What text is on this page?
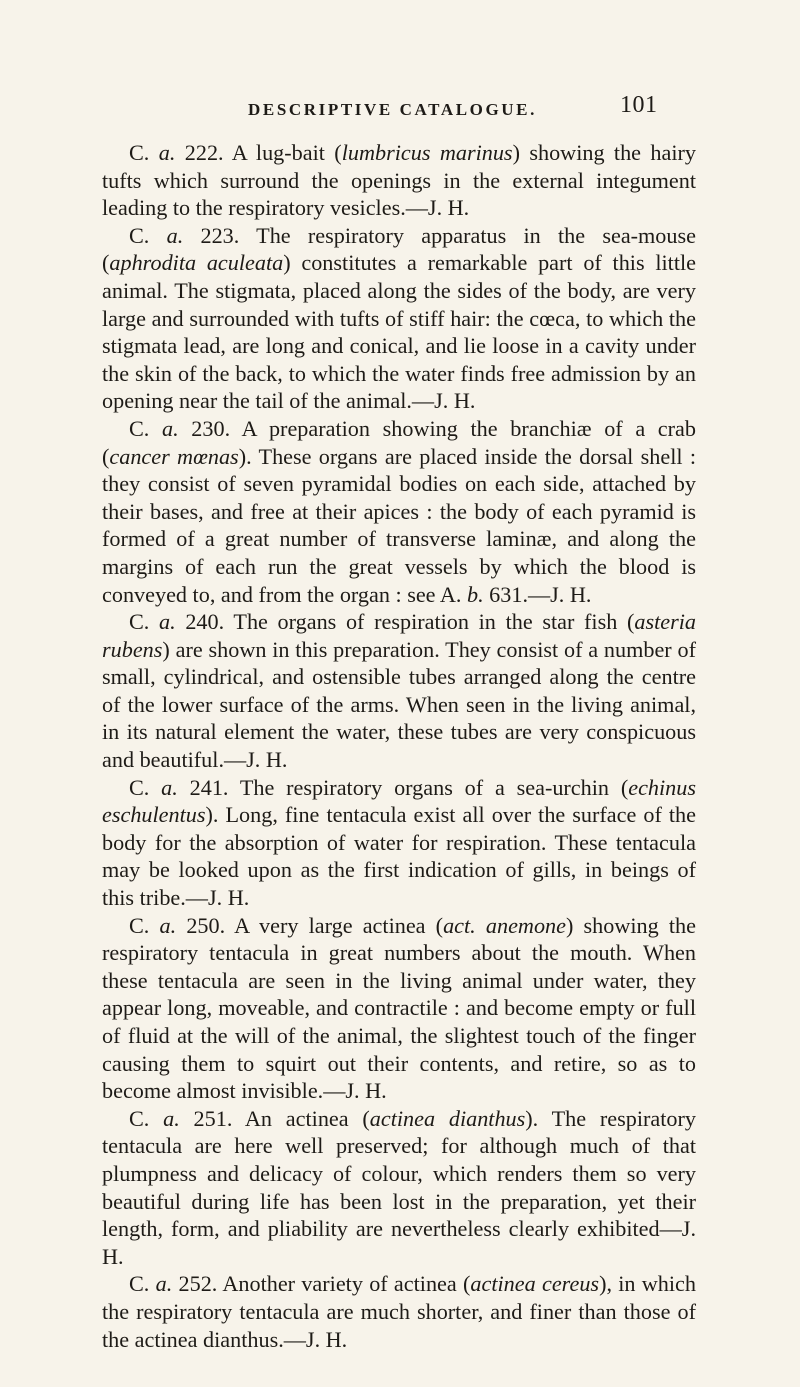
DESCRIPTIVE CATALOGUE.	101

C. a. 222. A lug-bait (lumbricus marinus) showing the hairy tufts which surround the openings in the external integument leading to the respiratory vesicles.—J. H.

C. a. 223. The respiratory apparatus in the sea-mouse (aphrodita aculeata) constitutes a remarkable part of this little animal. The stigmata, placed along the sides of the body, are very large and surrounded with tufts of stiff hair: the cœca, to which the stigmata lead, are long and conical, and lie loose in a cavity under the skin of the back, to which the water finds free admission by an opening near the tail of the animal.—J. H.

C. a. 230. A preparation showing the branchiæ of a crab (cancer mœnas). These organs are placed inside the dorsal shell : they consist of seven pyramidal bodies on each side, attached by their bases, and free at their apices : the body of each pyramid is formed of a great number of transverse laminæ, and along the margins of each run the great vessels by which the blood is conveyed to, and from the organ : see A. b. 631.—J. H.

C. a. 240. The organs of respiration in the star fish (asteria rubens) are shown in this preparation. They consist of a number of small, cylindrical, and ostensible tubes arranged along the centre of the lower surface of the arms. When seen in the living animal, in its natural element the water, these tubes are very conspicuous and beautiful.—J. H.

C. a. 241. The respiratory organs of a sea-urchin (echinus eschulentus). Long, fine tentacula exist all over the surface of the body for the absorption of water for respiration. These tentacula may be looked upon as the first indication of gills, in beings of this tribe.—J. H.

C. a. 250. A very large actinea (act. anemone) showing the respiratory tentacula in great numbers about the mouth. When these tentacula are seen in the living animal under water, they appear long, moveable, and contractile : and become empty or full of fluid at the will of the animal, the slightest touch of the finger causing them to squirt out their contents, and retire, so as to become almost invisible.—J. H.

C. a. 251. An actinea (actinea dianthus). The respiratory tentacula are here well preserved; for although much of that plumpness and delicacy of colour, which renders them so very beautiful during life has been lost in the preparation, yet their length, form, and pliability are nevertheless clearly exhibited—J. H.

C. a. 252. Another variety of actinea (actinea cereus), in which the respiratory tentacula are much shorter, and finer than those of the actinea dianthus.—J. H.
